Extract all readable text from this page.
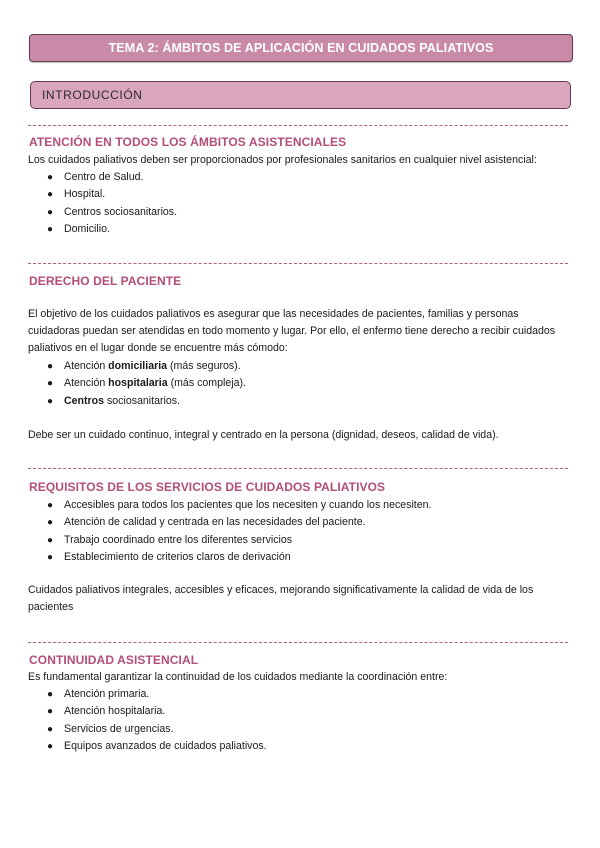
TEMA 2: ÁMBITOS DE APLICACIÓN EN CUIDADOS PALIATIVOS
INTRODUCCIÓN
ATENCIÓN EN TODOS LOS ÁMBITOS ASISTENCIALES
Los cuidados paliativos deben ser proporcionados por profesionales sanitarios en cualquier nivel asistencial:
● Centro de Salud.
● Hospital.
● Centros sociosanitarios.
● Domicilio.
DERECHO DEL PACIENTE
El objetivo de los cuidados paliativos es asegurar que las necesidades de pacientes, familias y personas cuidadoras puedan ser atendidas en todo momento y lugar. Por ello, el enfermo tiene derecho a recibir cuidados paliativos en el lugar donde se encuentre más cómodo:
● Atención domiciliaria (más seguros).
● Atención hospitalaria (más compleja).
● Centros sociosanitarios.
Debe ser un cuidado continuo, integral y centrado en la persona (dignidad, deseos, calidad de vida).
REQUISITOS DE LOS SERVICIOS DE CUIDADOS PALIATIVOS
● Accesibles para todos los pacientes que los necesiten y cuando los necesiten.
● Atención de calidad y centrada en las necesidades del paciente.
● Trabajo coordinado entre los diferentes servicios
● Establecimiento de criterios claros de derivación
Cuidados paliativos integrales, accesibles y eficaces, mejorando significativamente la calidad de vida de los pacientes
CONTINUIDAD ASISTENCIAL
Es fundamental garantizar la continuidad de los cuidados mediante la coordinación entre:
● Atención primaria.
● Atención hospitalaria.
● Servicios de urgencias.
● Equipos avanzados de cuidados paliativos.
